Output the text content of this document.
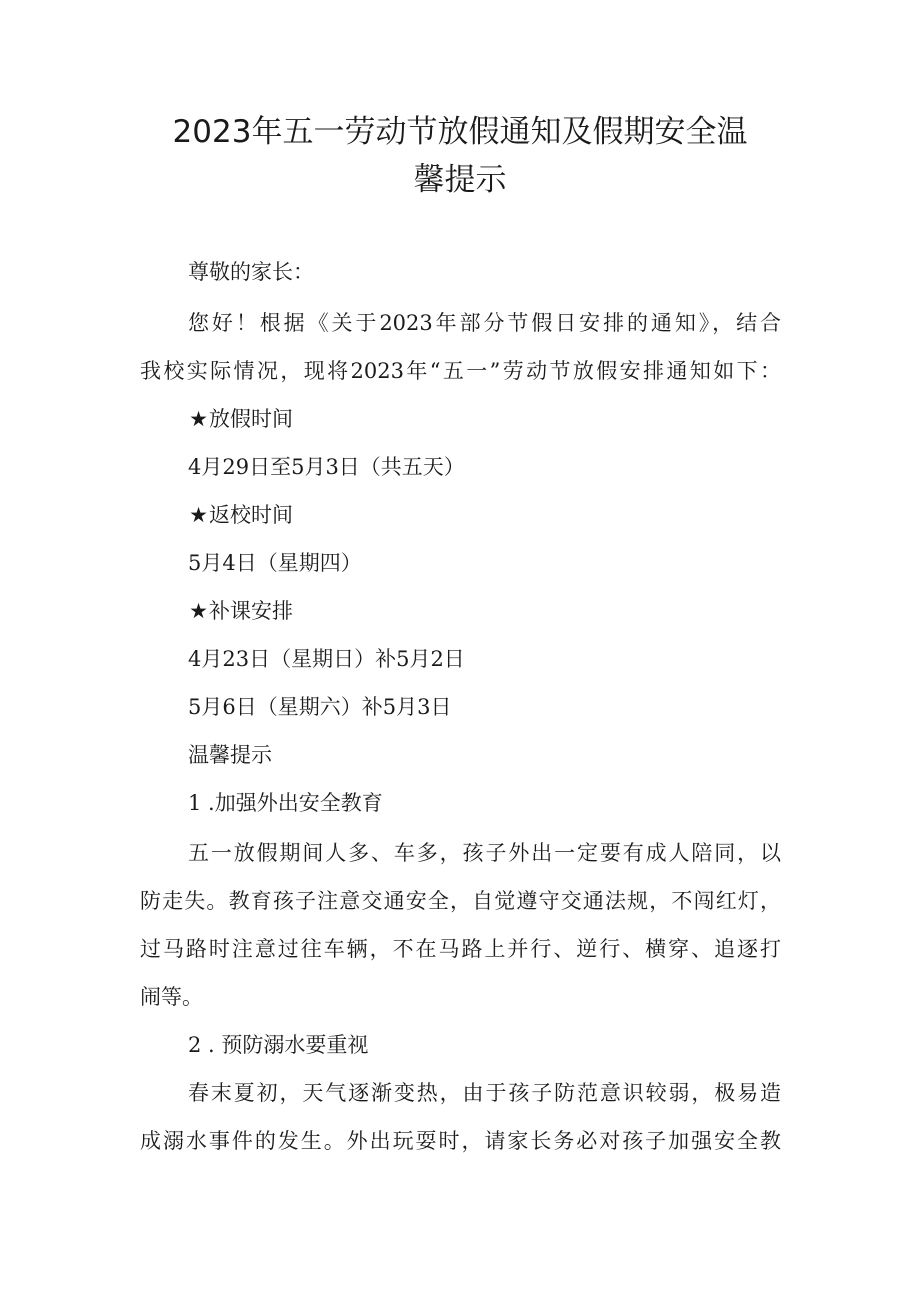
2023年五一劳动节放假通知及假期安全温
馨提示

尊敬的家长：

您好！根据《关于2023年部分节假日安排的通知》，结合

我校实际情况，现将2023年“五一”劳动节放假安排通知如下：

★放假时间

4月29日至5月3日（共五天）

★返校时间

5月4日（星期四）

★补课安排

4月23日（星期日）补5月2日

5月6日（星期六）补5月3日

温馨提示

1 .加强外出安全教育

五一放假期间人多、车多，孩子外出一定要有成人陪同，以

防走失。教育孩子注意交通安全，自觉遵守交通法规，不闯红灯，

过马路时注意过往车辆，不在马路上并行、逆行、横穿、追逐打

闹等。

2 . 预防溺水要重视

春末夏初，天气逐渐变热，由于孩子防范意识较弱，极易造

成溺水事件的发生。外出玩耍时，请家长务必对孩子加强安全教
